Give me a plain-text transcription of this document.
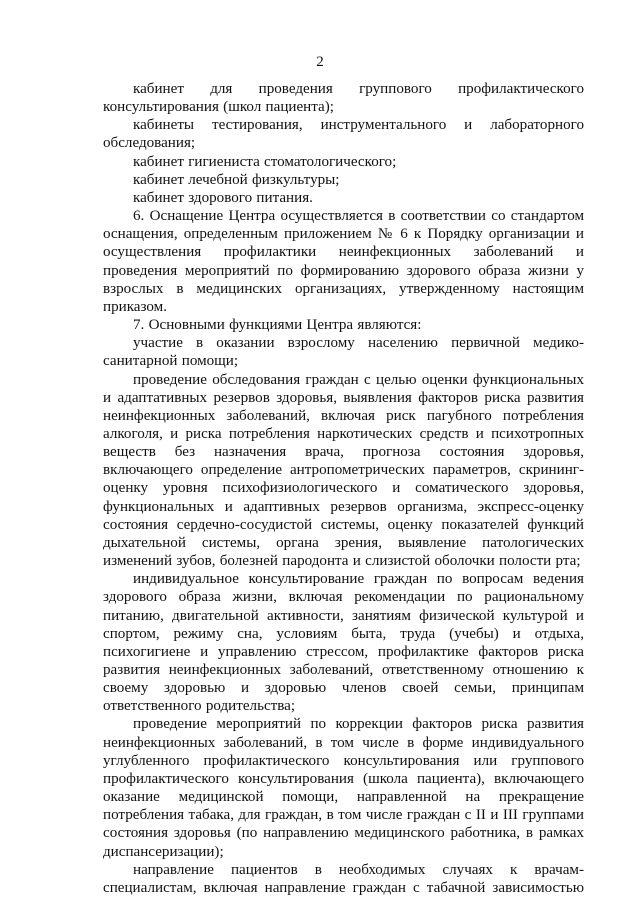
2

кабинет для проведения группового профилактического консультирования (школ пациента);

кабинеты тестирования, инструментального и лабораторного обследования;

кабинет гигиениста стоматологического;

кабинет лечебной физкультуры;

кабинет здорового питания.

6. Оснащение Центра осуществляется в соответствии со стандартом оснащения, определенным приложением № 6 к Порядку организации и осуществления профилактики неинфекционных заболеваний и проведения мероприятий по формированию здорового образа жизни у взрослых в медицинских организациях, утвержденному настоящим приказом.

7. Основными функциями Центра являются:

участие в оказании взрослому населению первичной медико-санитарной помощи;

проведение обследования граждан с целью оценки функциональных и адаптативных резервов здоровья, выявления факторов риска развития неинфекционных заболеваний, включая риск пагубного потребления алкоголя, и риска потребления наркотических средств и психотропных веществ без назначения врача, прогноза состояния здоровья, включающего определение антропометрических параметров, скрининг-оценку уровня психофизиологического и соматического здоровья, функциональных и адаптивных резервов организма, экспресс-оценку состояния сердечно-сосудистой системы, оценку показателей функций дыхательной системы, органа зрения, выявление патологических изменений зубов, болезней пародонта и слизистой оболочки полости рта;

индивидуальное консультирование граждан по вопросам ведения здорового образа жизни, включая рекомендации по рациональному питанию, двигательной активности, занятиям физической культурой и спортом, режиму сна, условиям быта, труда (учебы) и отдыха, психогигиене и управлению стрессом, профилактике факторов риска развития неинфекционных заболеваний, ответственному отношению к своему здоровью и здоровью членов своей семьи, принципам ответственного родительства;

проведение мероприятий по коррекции факторов риска развития неинфекционных заболеваний, в том числе в форме индивидуального углубленного профилактического консультирования или группового профилактического консультирования (школа пациента), включающего оказание медицинской помощи, направленной на прекращение потребления табака, для граждан, в том числе граждан с II и III группами состояния здоровья (по направлению медицинского работника, в рамках диспансеризации);

направление пациентов в необходимых случаях к врачам-специалистам, включая направление граждан с табачной зависимостью
